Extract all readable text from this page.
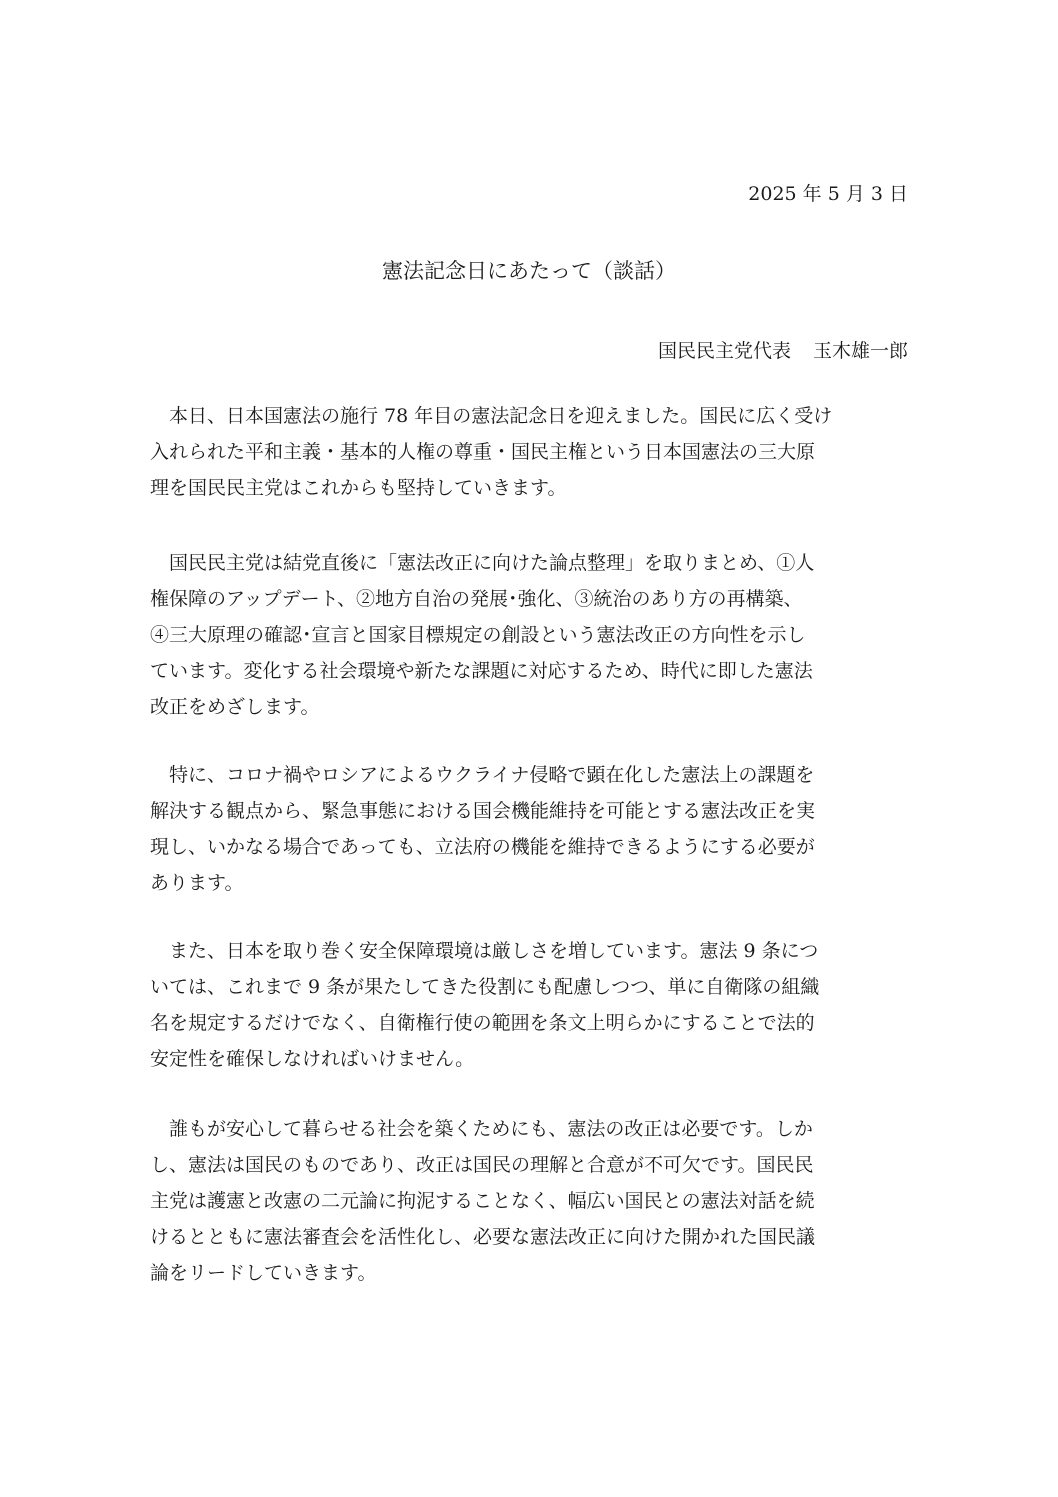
2025 年 5 月 3 日
憲法記念日にあたって（談話）
国民民主党代表 玉木雄一郎
本日、日本国憲法の施行 78 年目の憲法記念日を迎えました。国民に広く受け
入れられた平和主義・基本的人権の尊重・国民主権という日本国憲法の三大原
理を国民民主党はこれからも堅持していきます。
国民民主党は結党直後に「憲法改正に向けた論点整理」を取りまとめ、①人
権保障のアップデート、②地方自治の発展･強化、③統治のあり方の再構築、
④三大原理の確認･宣言と国家目標規定の創設という憲法改正の方向性を示し
ています。変化する社会環境や新たな課題に対応するため、時代に即した憲法
改正をめざします。
特に、コロナ禍やロシアによるウクライナ侵略で顕在化した憲法上の課題を
解決する観点から、緊急事態における国会機能維持を可能とする憲法改正を実
現し、いかなる場合であっても、立法府の機能を維持できるようにする必要が
あります。
また、日本を取り巻く安全保障環境は厳しさを増しています。憲法 9 条につ
いては、これまで 9 条が果たしてきた役割にも配慮しつつ、単に自衛隊の組織
名を規定するだけでなく、自衛権行使の範囲を条文上明らかにすることで法的
安定性を確保しなければいけません。
誰もが安心して暮らせる社会を築くためにも、憲法の改正は必要です。しか
し、憲法は国民のものであり、改正は国民の理解と合意が不可欠です。国民民
主党は護憲と改憲の二元論に拘泥することなく、幅広い国民との憲法対話を続
けるとともに憲法審査会を活性化し、必要な憲法改正に向けた開かれた国民議
論をリードしていきます。
